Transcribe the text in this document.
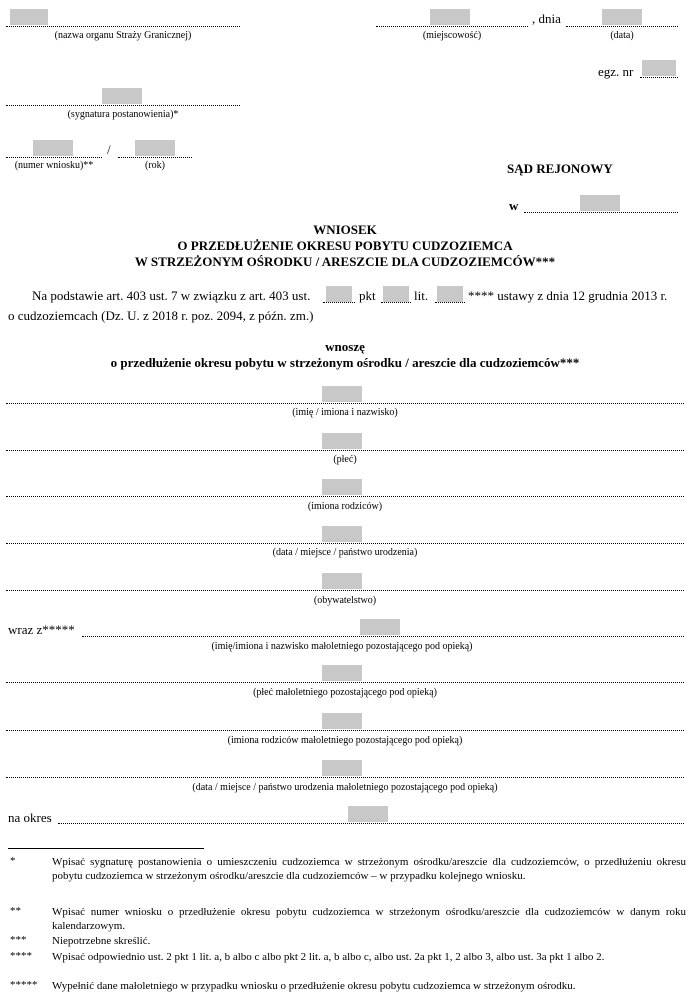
(nazwa organu Straży Granicznej)	(miejscowość)
, dnia
(data)
egz. nr
(sygnatura postanowienia)*
/
(numer wniosku)**	(rok)	SĄD REJONOWY
w
WNIOSEK
O PRZEDŁUŻENIE OKRESU POBYTU CUDZOZIEMCA
W STRZEŻONYM OŚRODKU / ARESZCIE DLA CUDZOZIEMCÓW***
Na podstawie art. 403 ust. 7 w związku z art. 403 ust.	pkt	lit.	**** ustawy z dnia 12 grudnia 2013 r.
o cudzoziemcach (Dz. U. z 2018 r. poz. 2094, z późn. zm.)
wnoszę
o przedłużenie okresu pobytu w strzeżonym ośrodku / areszcie dla cudzoziemców***
(imię / imiona i nazwisko)
(płeć)
(imiona rodziców)
(data / miejsce / państwo urodzenia)
(obywatelstwo)
wraz z*****
(imię/imiona i nazwisko małoletniego pozostającego pod opieką)
(płeć małoletniego pozostającego pod opieką)
(imiona rodziców małoletniego pozostającego pod opieką)
(data / miejsce / państwo urodzenia małoletniego pozostającego pod opieką)
na okres
*	Wpisać sygnaturę postanowienia o umieszczeniu cudzoziemca w strzeżonym ośrodku/areszcie dla cudzoziemców, o przedłużeniu okresu pobytu cudzoziemca w strzeżonym ośrodku/areszcie dla cudzoziemców – w przypadku kolejnego wniosku.
**	Wpisać numer wniosku o przedłużenie okresu pobytu cudzoziemca w strzeżonym ośrodku/areszcie dla cudzoziemców w danym roku kalendarzowym.
*** Niepotrzebne skreślić.
**** Wpisać odpowiednio ust. 2 pkt 1 lit. a, b albo c albo pkt 2 lit. a, b albo c, albo ust. 2a pkt 1, 2 albo 3, albo ust. 3a pkt 1 albo 2.
***** Wypełnić dane małoletniego w przypadku wniosku o przedłużenie okresu pobytu cudzoziemca w strzeżonym ośrodku.
